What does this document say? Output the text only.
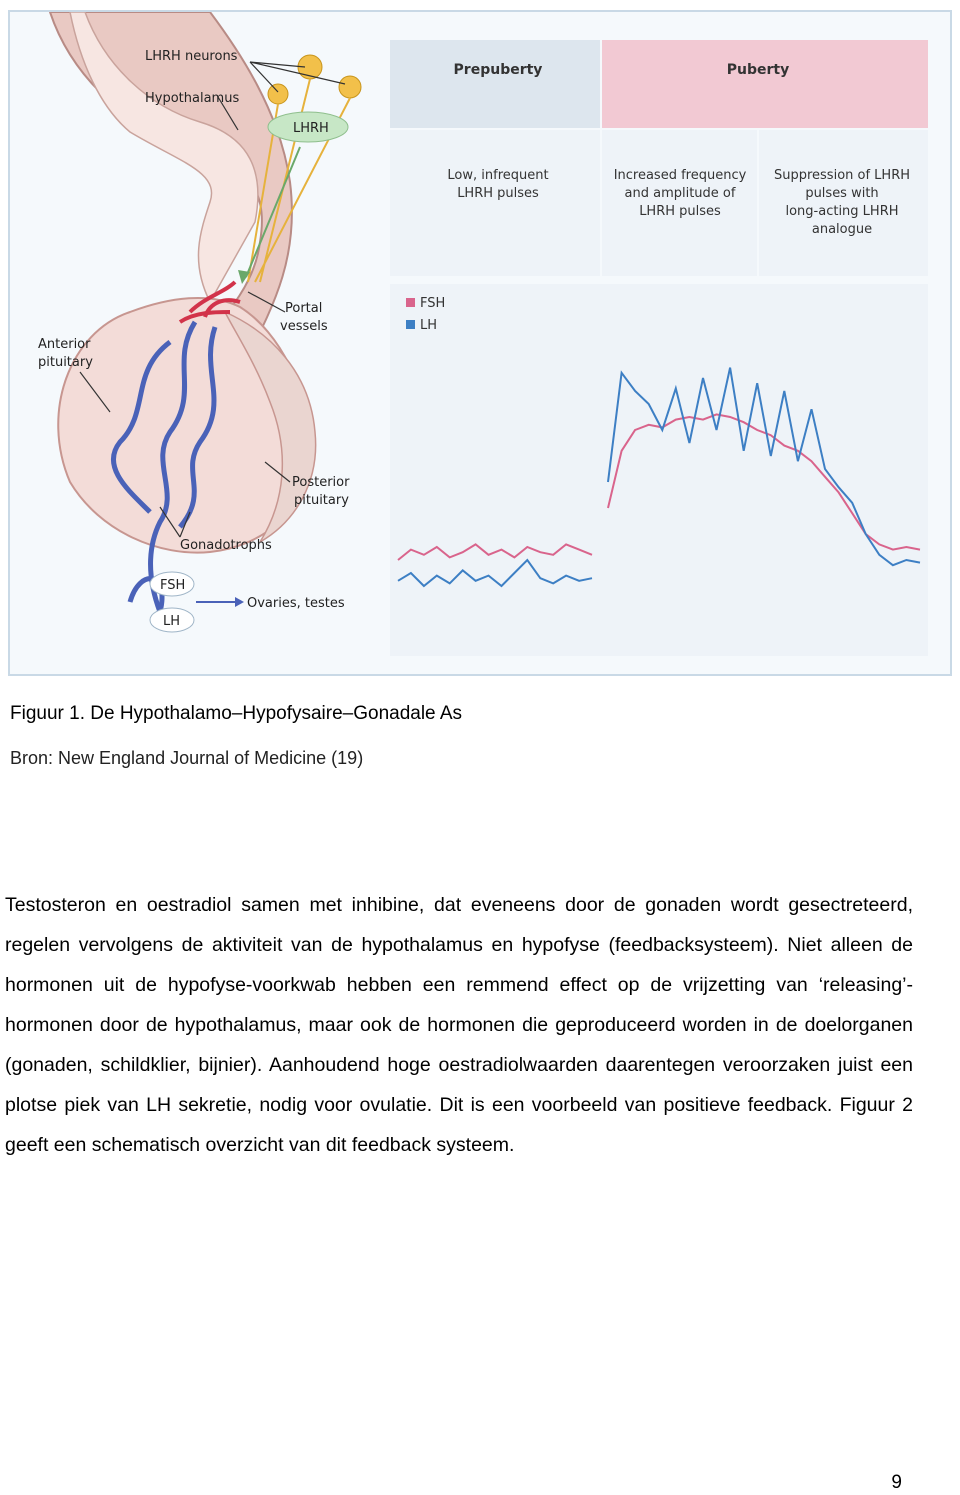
LHRH neurons
Hypothalamus
LHRH
Portal
vessels
Anterior
pituitary
Posterior
pituitary
Gonadotrophs
FSH
LH
Ovaries, testes
Prepuberty	Puberty
Low, infrequent
LHRH pulses
Increased frequency
and amplitude of
LHRH pulses
Suppression of LHRH
pulses with
long-acting LHRH
analogue
FSH
LH
Figuur 1. De Hypothalamo–Hypofysaire–Gonadale As
Bron: New England Journal of Medicine (19)
Testosteron en oestradiol samen met inhibine, dat eveneens door de gonaden wordt gesectreteerd, regelen vervolgens de aktiviteit van de hypothalamus en hypofyse (feedbacksysteem). Niet alleen de hormonen uit de hypofyse-voorkwab hebben een remmend effect op de vrijzetting van ‘releasing’-hormonen door de hypothalamus, maar ook de hormonen die geproduceerd worden in de doelorganen (gonaden, schildklier, bijnier). Aanhoudend hoge oestradiolwaarden daarentegen veroorzaken juist een plotse piek van LH sekretie, nodig voor ovulatie. Dit is een voorbeeld van positieve feedback. Figuur 2 geeft een schematisch overzicht van dit feedback systeem.
9
